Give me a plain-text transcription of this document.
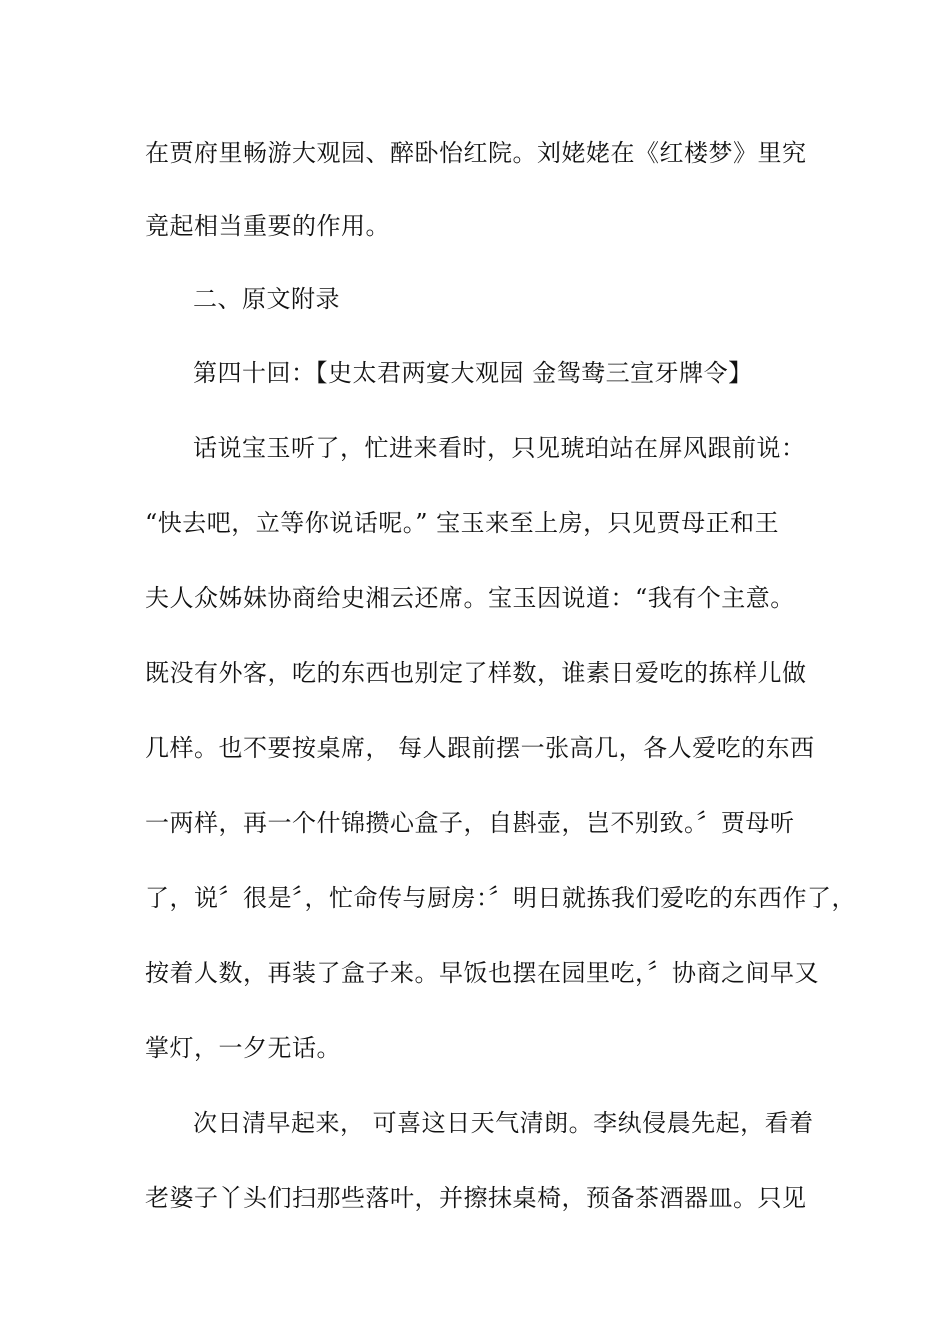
在贾府里畅游大观园、醉卧怡红院。刘姥姥在《红楼梦》里究
竟起相当重要的作用。
二、原文附录
第四十回：【史太君两宴大观园 金鸳鸯三宣牙牌令】
话说宝玉听了，忙进来看时，只见琥珀站在屏风跟前说：
“快去吧，立等你说话呢。” 宝玉来至上房，只见贾母正和王
夫人众姊妹协商给史湘云还席。宝玉因说道：“我有个主意。
既没有外客，吃的东西也别定了样数，谁素日爱吃的拣样儿做
几样。也不要按桌席， 每人跟前摆一张高几，各人爱吃的东西
一两样，再一个什锦攒心盒子，自斟壶，岂不别致。〞贾母听
了，说〞很是〞，忙命传与厨房：〞明日就拣我们爱吃的东西作了，
按着人数，再装了盒子来。早饭也摆在园里吃，〞协商之间早又
掌灯，一夕无话。
次日清早起来， 可喜这日天气清朗。李纨侵晨先起，看着
老婆子丫头们扫那些落叶，并擦抹桌椅，预备茶酒器皿。只见
